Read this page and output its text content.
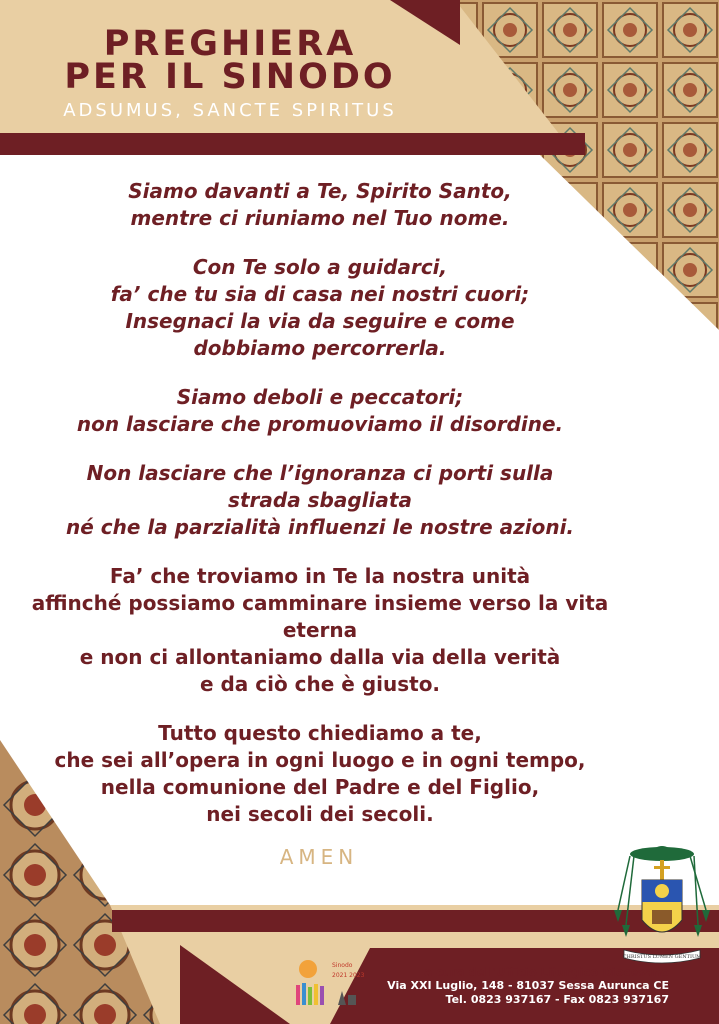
PREGHIERA
PER IL SINODO
ADSUMUS, SANCTE SPIRITUS

Siamo davanti a Te, Spirito Santo,
mentre ci riuniamo nel Tuo nome.

Con Te solo a guidarci,
fa’ che tu sia di casa nei nostri cuori;
Insegnaci la via da seguire e come
dobbiamo percorrerla.

Siamo deboli e peccatori;
non lasciare che promuoviamo il disordine.

Non lasciare che l’ignoranza ci porti sulla
strada sbagliata
né che la parzialità influenzi le nostre azioni.

Fa’ che troviamo in Te la nostra unità
affinché possiamo camminare insieme verso la vita
eterna
e non ci allontaniamo dalla via della verità
e da ciò che è giusto.

Tutto questo chiediamo a te,
che sei all’opera in ogni luogo e in ogni tempo,
nella comunione del Padre e del Figlio,
nei secoli dei secoli.

AMEN
Sinodo
2021 2023	a cura dell'Ufficio Liturgico Diocesano
Via XXI Luglio, 148 - 81037 Sessa Aurunca CE
Tel. 0823 937167 - Fax 0823 937167
CHRISTUS LUMEN GENTIUM
